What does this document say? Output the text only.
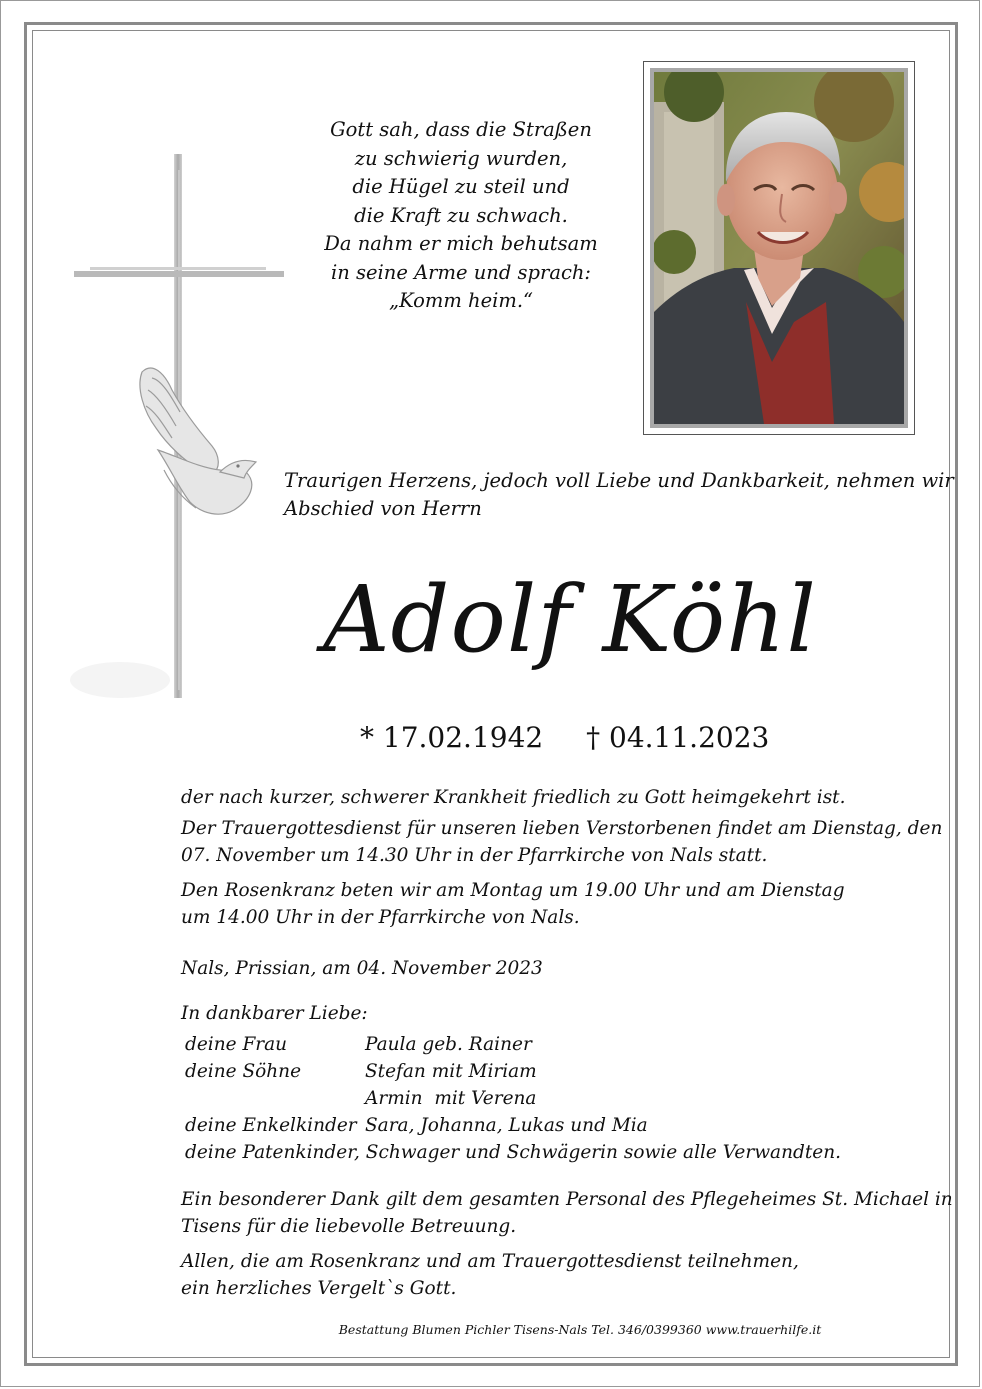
Gott sah, dass die Straßen
zu schwierig wurden,
die Hügel zu steil und
die Kraft zu schwach.
Da nahm er mich behutsam
in seine Arme und sprach:
„Komm heim.“
Traurigen Herzens, jedoch voll Liebe und Dankbarkeit, nehmen wir
Abschied von Herrn
Adolf Köhl
* 17.02.1942 † 04.11.2023
der nach kurzer, schwerer Krankheit friedlich zu Gott heimgekehrt ist.
Der Trauergottesdienst für unseren lieben Verstorbenen findet am Dienstag, den
07. November um 14.30 Uhr in der Pfarrkirche von Nals statt.
Den Rosenkranz beten wir am Montag um 19.00 Uhr und am Dienstag
um 14.00 Uhr in der Pfarrkirche von Nals.
Nals, Prissian, am 04. November 2023
In dankbarer Liebe:
deine Frau	Paula geb. Rainer
deine Söhne	Stefan mit Miriam
Armin  mit Verena
deine Enkelkinder Sara, Johanna, Lukas und Mia
deine Patenkinder, Schwager und Schwägerin sowie alle Verwandten.
Ein besonderer Dank gilt dem gesamten Personal des Pflegeheimes St. Michael in
Tisens für die liebevolle Betreuung.
Allen, die am Rosenkranz und am Trauergottesdienst teilnehmen,
ein herzliches Vergelt`s Gott.
Bestattung Blumen Pichler Tisens-Nals Tel. 346/0399360 www.trauerhilfe.it
